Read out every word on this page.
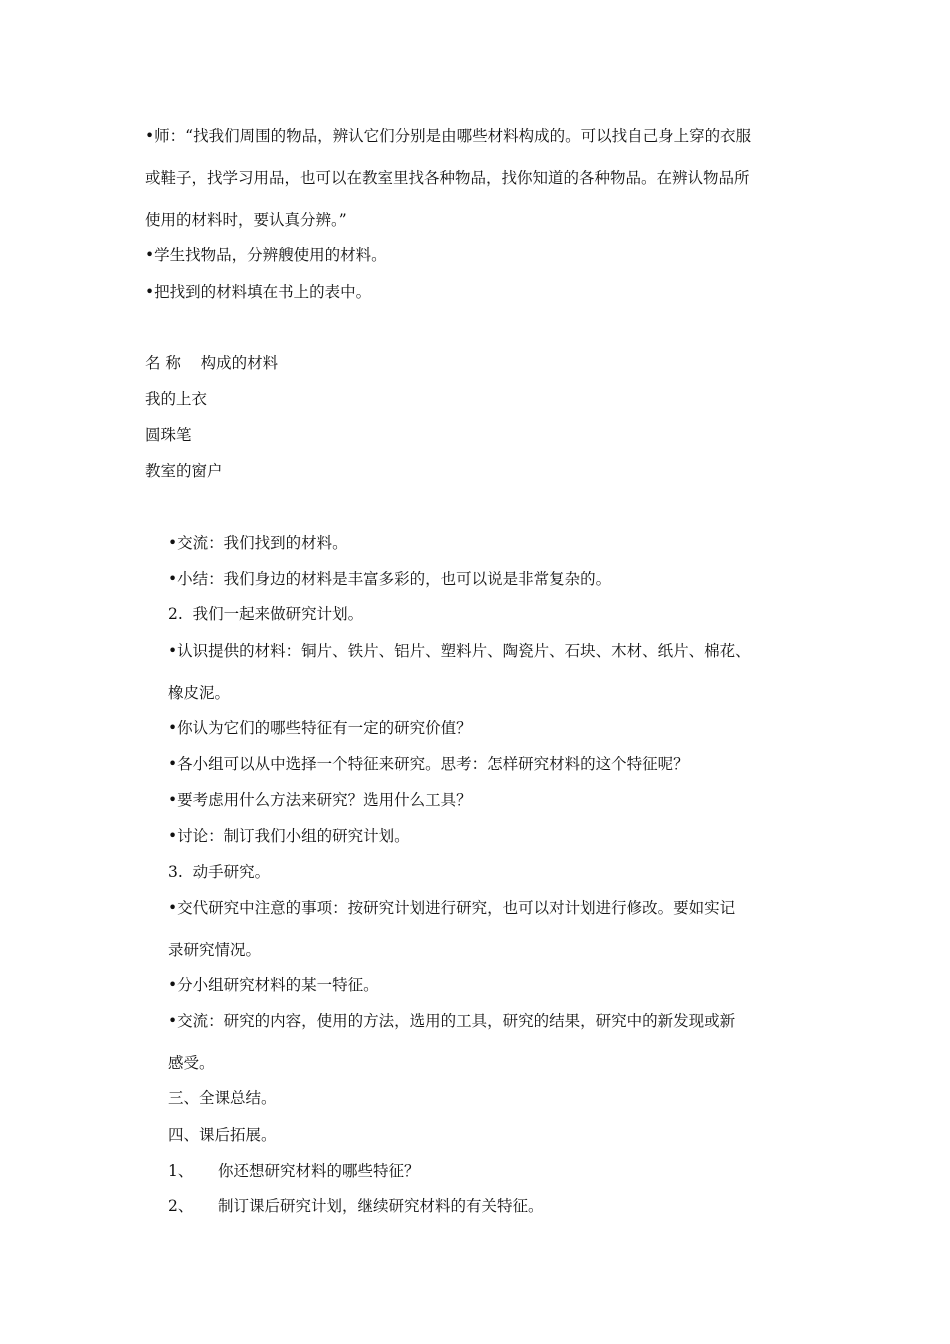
•师：“找我们周围的物品，辨认它们分别是由哪些材料构成的。可以找自己身上穿的衣服
或鞋子，找学习用品，也可以在教室里找各种物品，找你知道的各种物品。在辨认物品所
使用的材料时，要认真分辨。”
•学生找物品，分辨艘使用的材料。
•把找到的材料填在书上的表中。
名 称    构成的材料
我的上衣
圆珠笔
教室的窗户
•交流：我们找到的材料。
•小结：我们身边的材料是丰富多彩的，也可以说是非常复杂的。
2.  我们一起来做研究计划。
•认识提供的材料：铜片、铁片、铝片、塑料片、陶瓷片、石块、木材、纸片、棉花、
橡皮泥。
•你认为它们的哪些特征有一定的研究价值？
•各小组可以从中选择一个特征来研究。思考：怎样研究材料的这个特征呢？
•要考虑用什么方法来研究？选用什么工具？
•讨论：制订我们小组的研究计划。
3.  动手研究。
•交代研究中注意的事项：按研究计划进行研究，也可以对计划进行修改。要如实记
录研究情况。
•分小组研究材料的某一特征。
•交流：研究的内容，使用的方法，选用的工具，研究的结果，研究中的新发现或新
感受。
三、全课总结。
四、课后拓展。
1、     你还想研究材料的哪些特征？
2、     制订课后研究计划，继续研究材料的有关特征。
